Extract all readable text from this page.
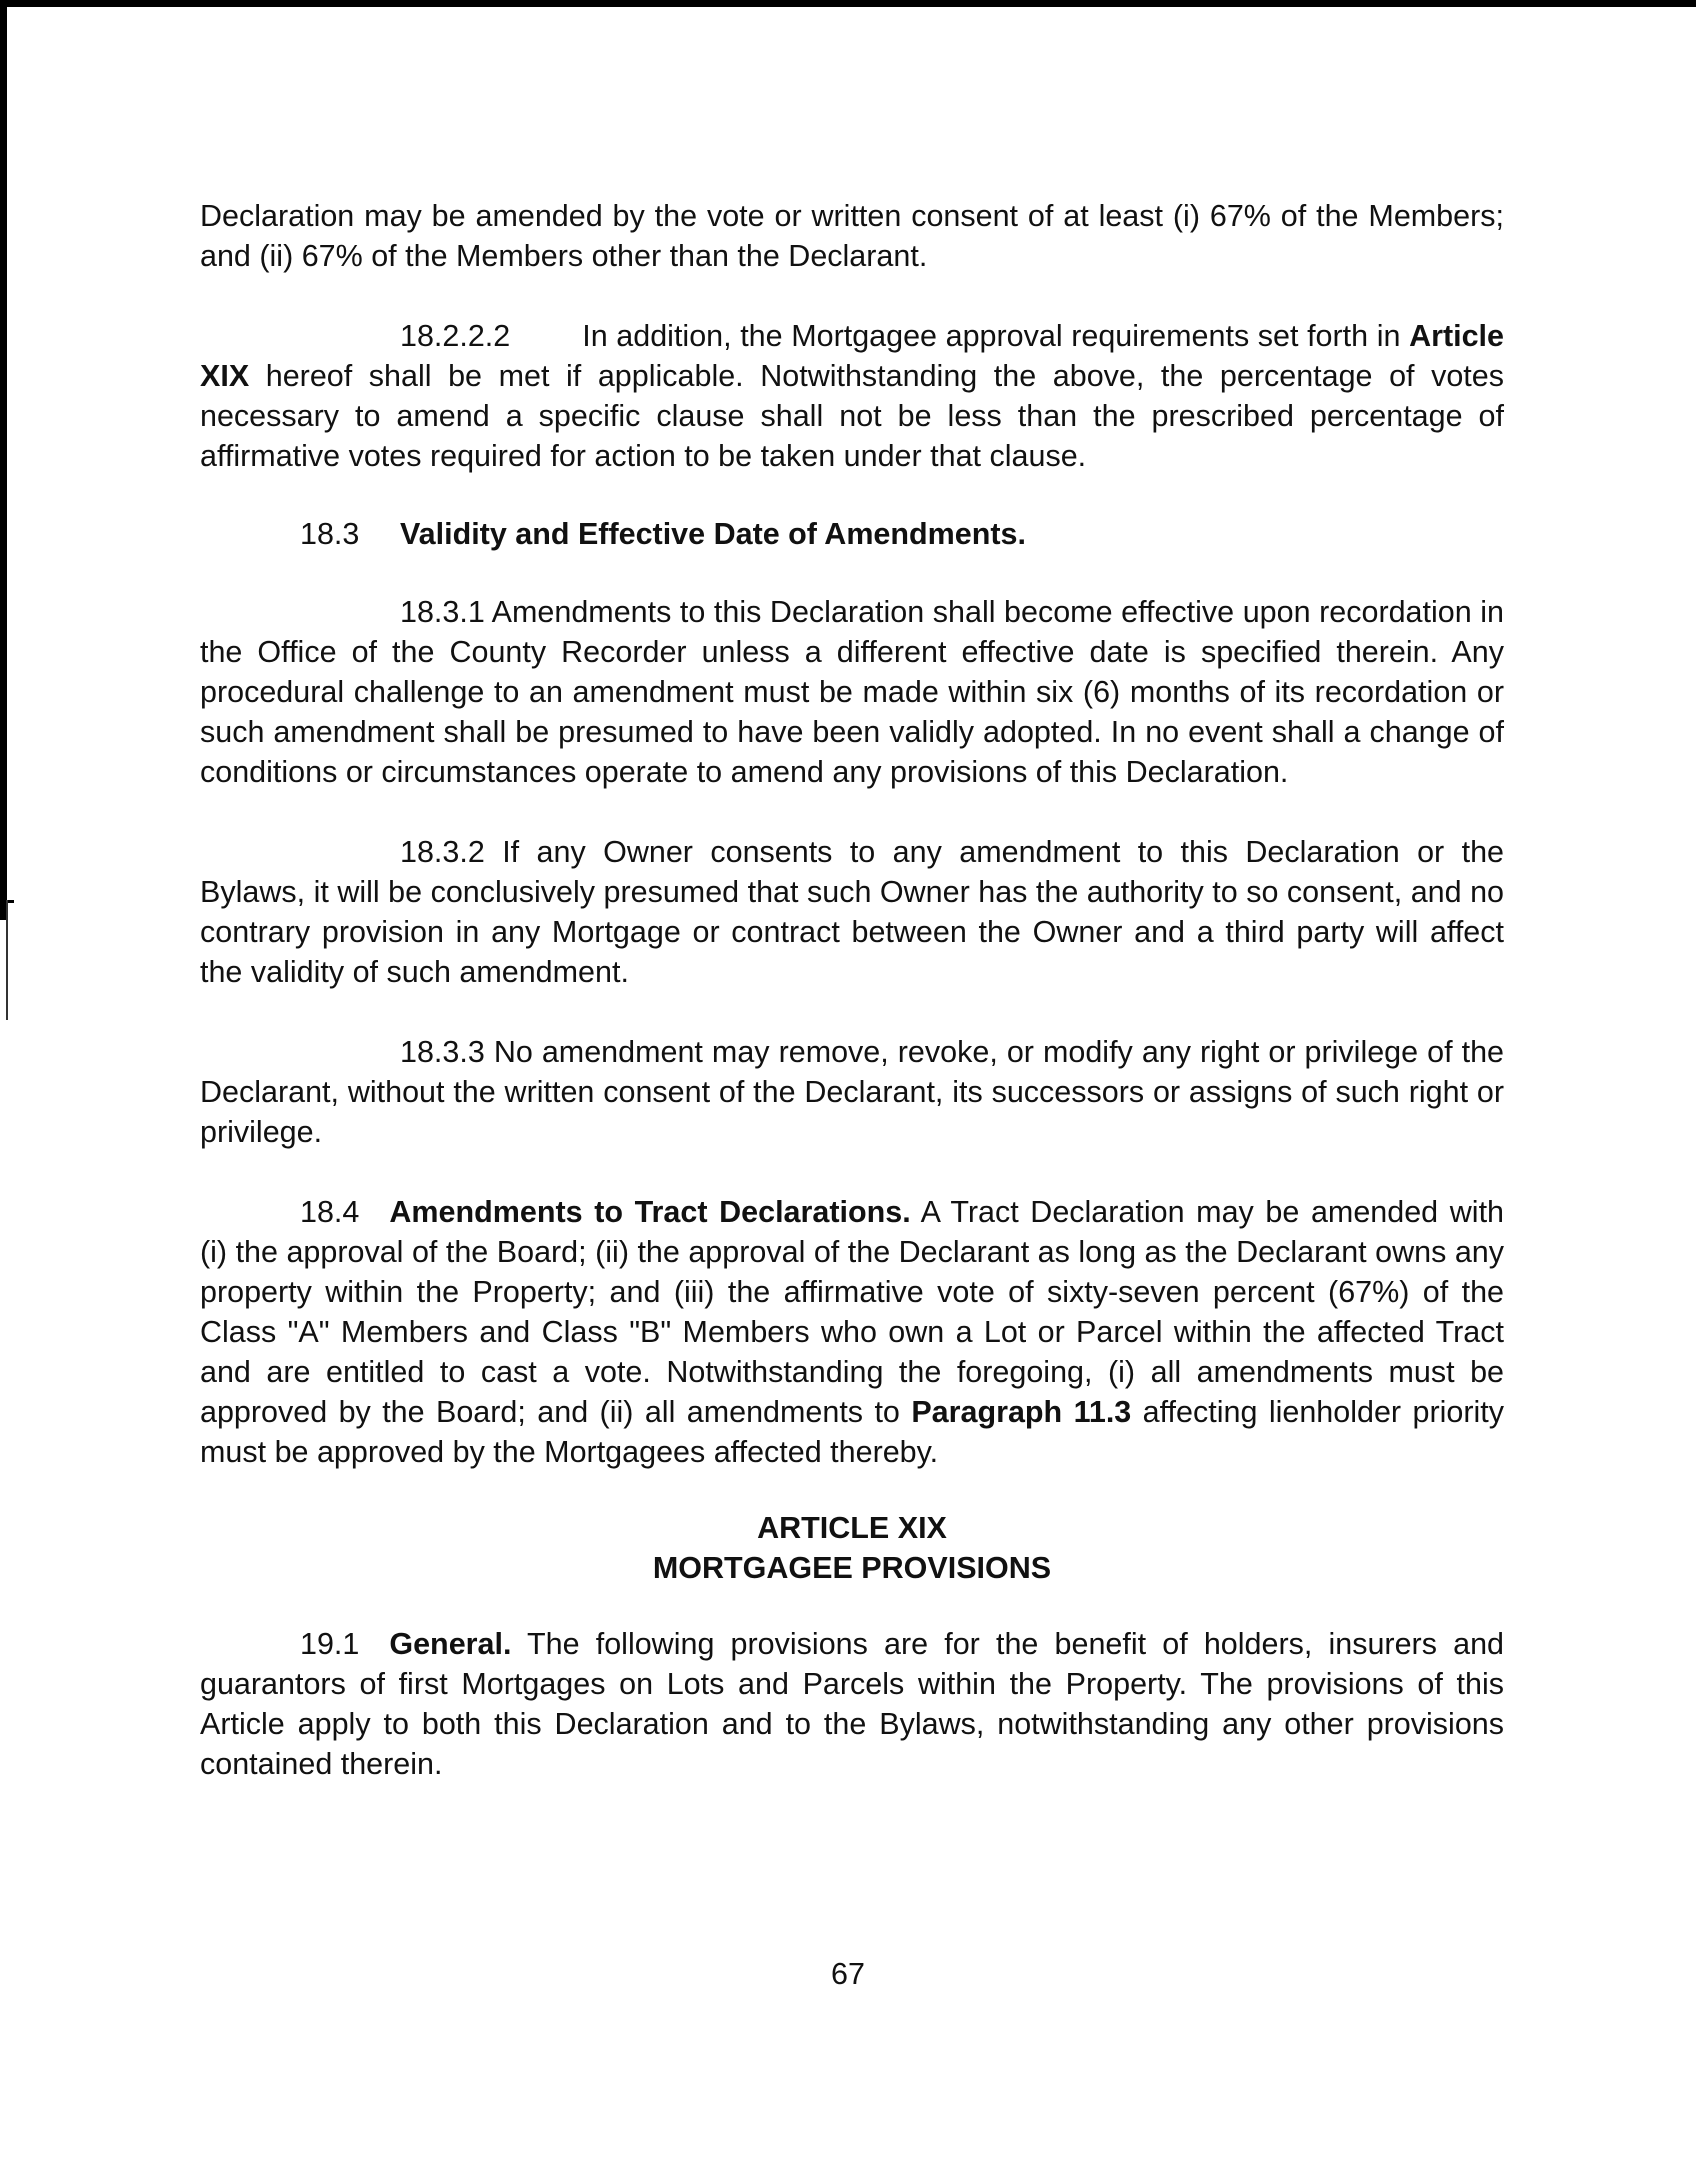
Declaration may be amended by the vote or written consent of at least (i) 67% of the Members; and (ii) 67% of the Members other than the Declarant.

18.2.2.2 In addition, the Mortgagee approval requirements set forth in Article XIX hereof shall be met if applicable. Notwithstanding the above, the percentage of votes necessary to amend a specific clause shall not be less than the prescribed percentage of affirmative votes required for action to be taken under that clause.

18.3 Validity and Effective Date of Amendments.

18.3.1 Amendments to this Declaration shall become effective upon recordation in the Office of the County Recorder unless a different effective date is specified therein. Any procedural challenge to an amendment must be made within six (6) months of its recordation or such amendment shall be presumed to have been validly adopted. In no event shall a change of conditions or circumstances operate to amend any provisions of this Declaration.

18.3.2 If any Owner consents to any amendment to this Declaration or the Bylaws, it will be conclusively presumed that such Owner has the authority to so consent, and no contrary provision in any Mortgage or contract between the Owner and a third party will affect the validity of such amendment.

18.3.3 No amendment may remove, revoke, or modify any right or privilege of the Declarant, without the written consent of the Declarant, its successors or assigns of such right or privilege.

18.4 Amendments to Tract Declarations. A Tract Declaration may be amended with (i) the approval of the Board; (ii) the approval of the Declarant as long as the Declarant owns any property within the Property; and (iii) the affirmative vote of sixty-seven percent (67%) of the Class "A" Members and Class "B" Members who own a Lot or Parcel within the affected Tract and are entitled to cast a vote. Notwithstanding the foregoing, (i) all amendments must be approved by the Board; and (ii) all amendments to Paragraph 11.3 affecting lienholder priority must be approved by the Mortgagees affected thereby.

ARTICLE XIX

MORTGAGEE PROVISIONS

19.1 General. The following provisions are for the benefit of holders, insurers and guarantors of first Mortgages on Lots and Parcels within the Property. The provisions of this Article apply to both this Declaration and to the Bylaws, notwithstanding any other provisions contained therein.

67
